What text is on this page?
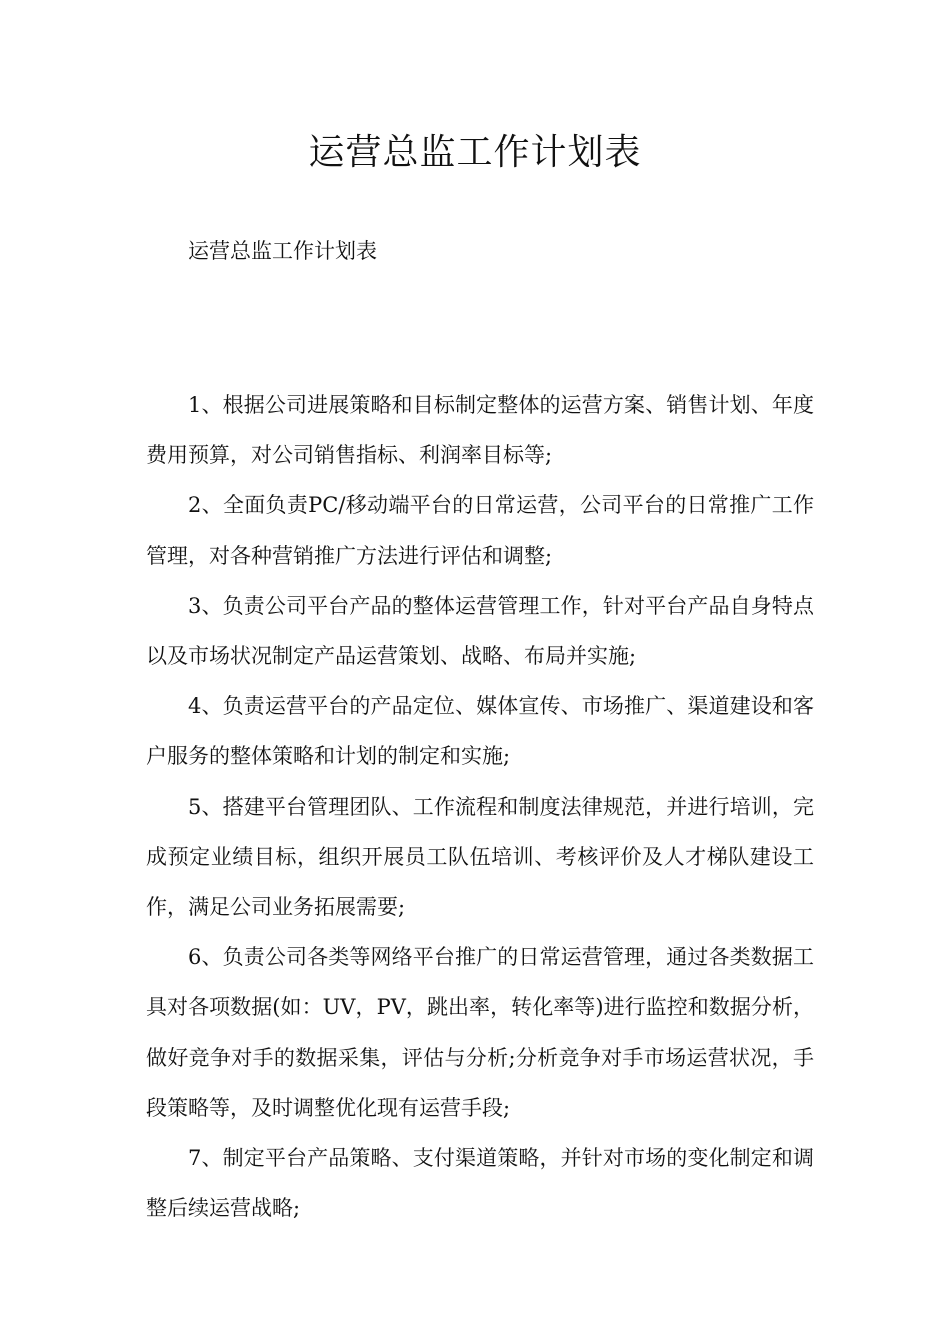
运营总监工作计划表

运营总监工作计划表

1、根据公司进展策略和目标制定整体的运营方案、销售计划、年度费用预算，对公司销售指标、利润率目标等;

2、全面负责PC/移动端平台的日常运营，公司平台的日常推广工作管理，对各种营销推广方法进行评估和调整;

3、负责公司平台产品的整体运营管理工作，针对平台产品自身特点以及市场状况制定产品运营策划、战略、布局并实施;

4、负责运营平台的产品定位、媒体宣传、市场推广、渠道建设和客户服务的整体策略和计划的制定和实施;

5、搭建平台管理团队、工作流程和制度法律规范，并进行培训，完成预定业绩目标，组织开展员工队伍培训、考核评价及人才梯队建设工作，满足公司业务拓展需要;

6、负责公司各类等网络平台推广的日常运营管理，通过各类数据工具对各项数据(如：UV，PV，跳出率，转化率等)进行监控和数据分析，做好竞争对手的数据采集，评估与分析;分析竞争对手市场运营状况，手段策略等，及时调整优化现有运营手段;

7、制定平台产品策略、支付渠道策略，并针对市场的变化制定和调整后续运营战略;
